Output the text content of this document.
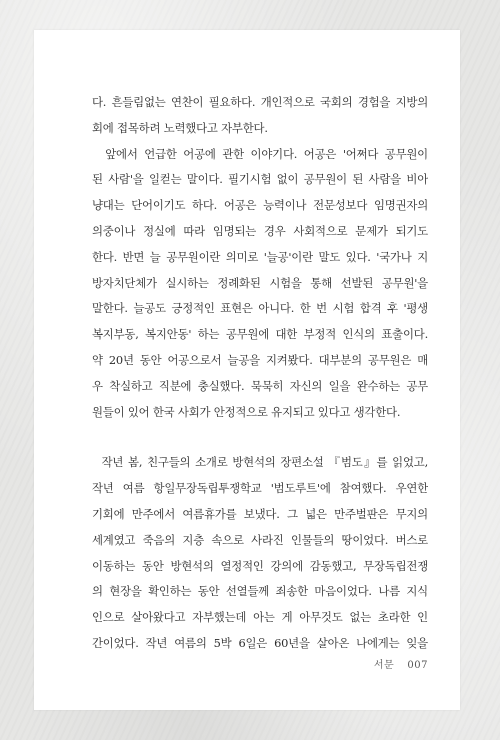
다. 흔들림없는 연찬이 필요하다. 개인적으로 국회의 경험을 지방의
회에 접목하려 노력했다고 자부한다.
앞에서 언급한 어공에 관한 이야기다. 어공은 '어쩌다 공무원이
된 사람'을 일컫는 말이다. 필기시험 없이 공무원이 된 사람을 비아
냥대는 단어이기도 하다. 어공은 능력이나 전문성보다 임명권자의
의중이나 정실에 따라 임명되는 경우 사회적으로 문제가 되기도
한다. 반면 늘 공무원이란 의미로 '늘공'이란 말도 있다. '국가나 지
방자치단체가 실시하는 정례화된 시험을 통해 선발된 공무원'을
말한다. 늘공도 긍정적인 표현은 아니다. 한 번 시험 합격 후 '평생
복지부동, 복지안동' 하는 공무원에 대한 부정적 인식의 표출이다.
약 20년 동안 어공으로서 늘공을 지켜봤다. 대부분의 공무원은 매
우 착실하고 직분에 충실했다. 묵묵히 자신의 일을 완수하는 공무
원들이 있어 한국 사회가 안정적으로 유지되고 있다고 생각한다.
작년 봄, 친구들의 소개로 방현석의 장편소설 『범도』를 읽었고,
작년 여름 항일무장독립투쟁학교 '범도루트'에 참여했다. 우연한
기회에 만주에서 여름휴가를 보냈다. 그 넓은 만주벌판은 무지의
세계였고 죽음의 지층 속으로 사라진 인물들의 땅이었다. 버스로
이동하는 동안 방현석의 열정적인 강의에 감동했고, 무장독립전쟁
의 현장을 확인하는 동안 선열들께 죄송한 마음이었다. 나름 지식
인으로 살아왔다고 자부했는데 아는 게 아무것도 없는 초라한 인
간이었다. 작년 여름의 5박 6일은 60년을 살아온 나에게는 잊을
서문 007
